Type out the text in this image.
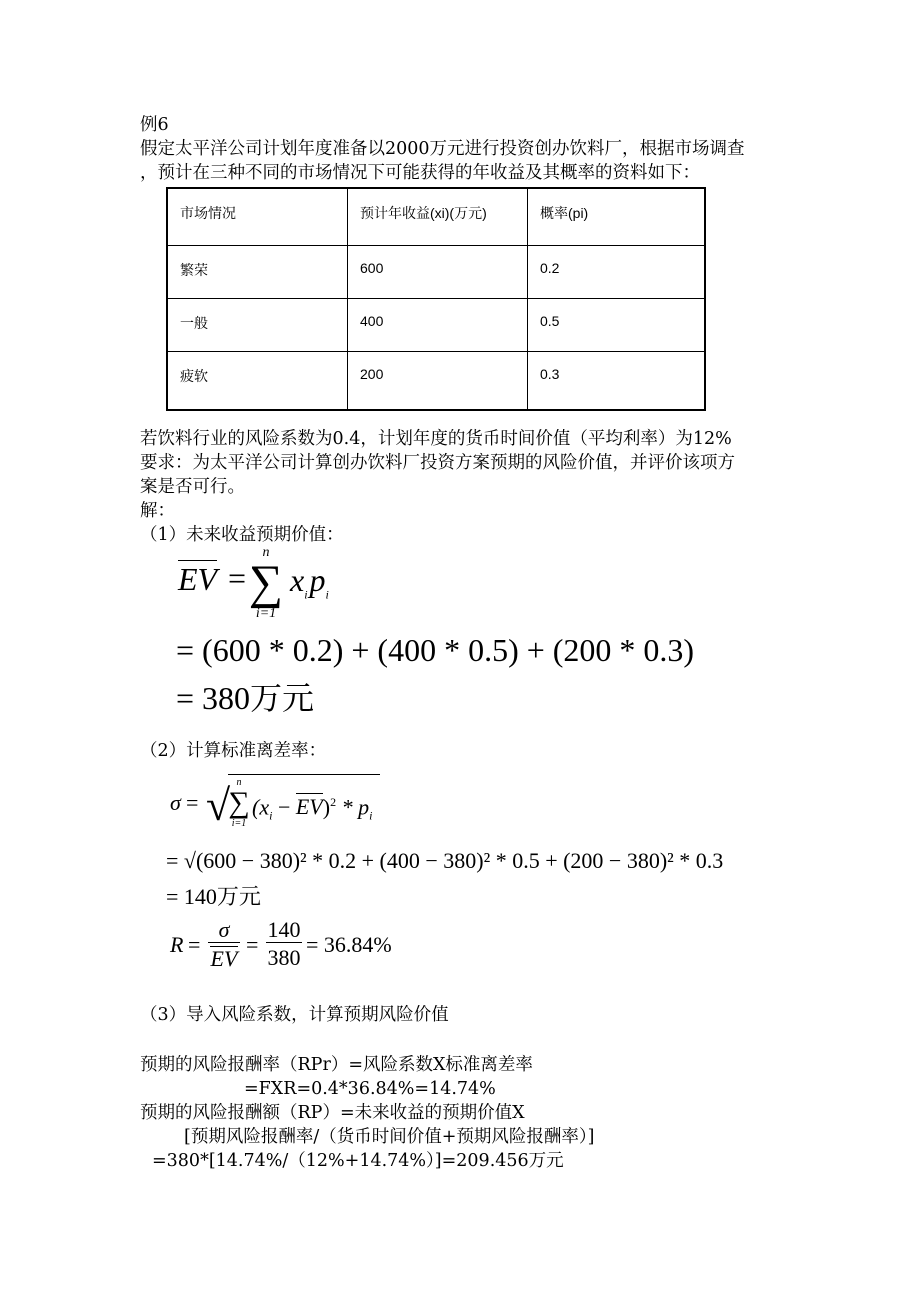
例6
假定太平洋公司计划年度准备以2000万元进行投资创办饮料厂，根据市场调查
，预计在三种不同的市场情况下可能获得的年收益及其概率的资料如下：
市场情况	预计年收益(xi)(万元)	概率(pi)
繁荣	600	0.2
一般	400	0.5
疲软	200	0.3
若饮料行业的风险系数为0.4，计划年度的货币时间价值（平均利率）为12%
要求：为太平洋公司计算创办饮料厂投资方案预期的风险价值，并评价该项方
案是否可行。
解：
（1）未来收益预期价值：
EV =
n
∑
i=1
$x_ip_i$
= (600 * 0.2) + (400 * 0.5) + (200 * 0.3)
= 380万元
（2）计算标准离差率：
σ = √ n
∑
i=1
$(x_i - EV)^2 * p_i$
= √(600 − 380)² * 0.2 + (400 − 380)² * 0.5 + (200 − 380)² * 0.3
= 140万元
$R = \frac{\sigma}{EV} = \frac{140}{380} = 36.84\%$
（3）导入风险系数，计算预期风险价值
预期的风险报酬率（RPr）=风险系数X标准离差率
=FXR=0.4*36.84%=14.74%
预期的风险报酬额（RP）=未来收益的预期价值X
[预期风险报酬率/（货币时间价值+预期风险报酬率）]
=380*[14.74%/（12%+14.74%）]=209.456万元
